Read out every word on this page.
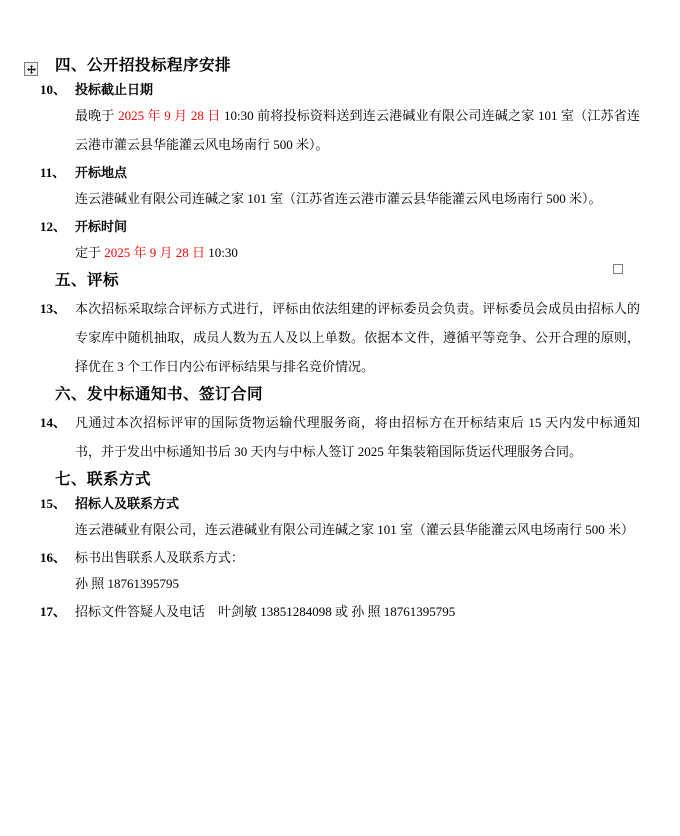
四、公开招投标程序安排
10、 投标截止日期
最晚于 2025 年 9 月 28 日 10:30 前将投标资料送到连云港碱业有限公司连碱之家 101 室（江苏省连云港市灌云县华能灌云风电场南行 500 米）。
11、 开标地点
连云港碱业有限公司连碱之家 101 室（江苏省连云港市灌云县华能灌云风电场南行 500 米）。
12、 开标时间
定于 2025 年 9 月 28 日 10:30
五、评标
13、 本次招标采取综合评标方式进行，评标由依法组建的评标委员会负责。评标委员会成员由招标人的专家库中随机抽取，成员人数为五人及以上单数。依据本文件，遵循平等竞争、公开合理的原则，择优在 3 个工作日内公布评标结果与排名竞价情况。
六、发中标通知书、签订合同
14、 凡通过本次招标评审的国际货物运输代理服务商，将由招标方在开标结束后 15 天内发中标通知书，并于发出中标通知书后 30 天内与中标人签订 2025 年集装箱国际货运代理服务合同。
七、联系方式
15、 招标人及联系方式
连云港碱业有限公司，连云港碱业有限公司连碱之家 101 室（灌云县华能灌云风电场南行 500 米）
16、 标书出售联系人及联系方式：
孙 照 18761395795
17、 招标文件答疑人及电话　叶剑敏 13851284098 或 孙 照 18761395795
